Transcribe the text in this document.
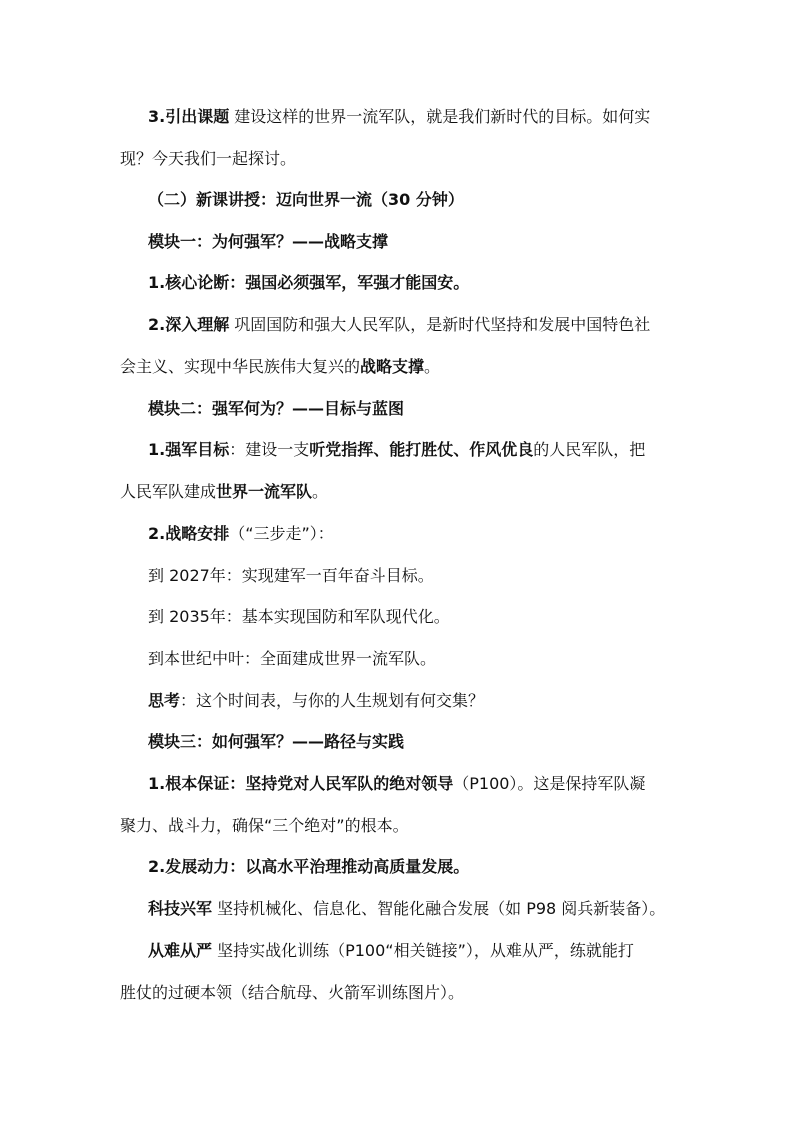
3.引出课题 建设这样的世界一流军队，就是我们新时代的目标。如何实
现？今天我们一起探讨。
（二）新课讲授：迈向世界一流（30 分钟）
模块一：为何强军？——战略支撑
1.核心论断：强国必须强军，军强才能国安。
2.深入理解 巩固国防和强大人民军队，是新时代坚持和发展中国特色社
会主义、实现中华民族伟大复兴的战略支撑。
模块二：强军何为？——目标与蓝图
1.强军目标：建设一支听党指挥、能打胜仗、作风优良的人民军队，把
人民军队建成世界一流军队。
2.战略安排（“三步走”）：
到 2027年：实现建军一百年奋斗目标。
到 2035年：基本实现国防和军队现代化。
到本世纪中叶：全面建成世界一流军队。
思考：这个时间表，与你的人生规划有何交集？
模块三：如何强军？——路径与实践
1.根本保证：坚持党对人民军队的绝对领导（P100）。这是保持军队凝
聚力、战斗力，确保“三个绝对”的根本。
2.发展动力：以高水平治理推动高质量发展。
科技兴军 坚持机械化、信息化、智能化融合发展（如 P98 阅兵新装备）。
从难从严 坚持实战化训练（P100“相关链接”），从难从严，练就能打
胜仗的过硬本领（结合航母、火箭军训练图片）。
